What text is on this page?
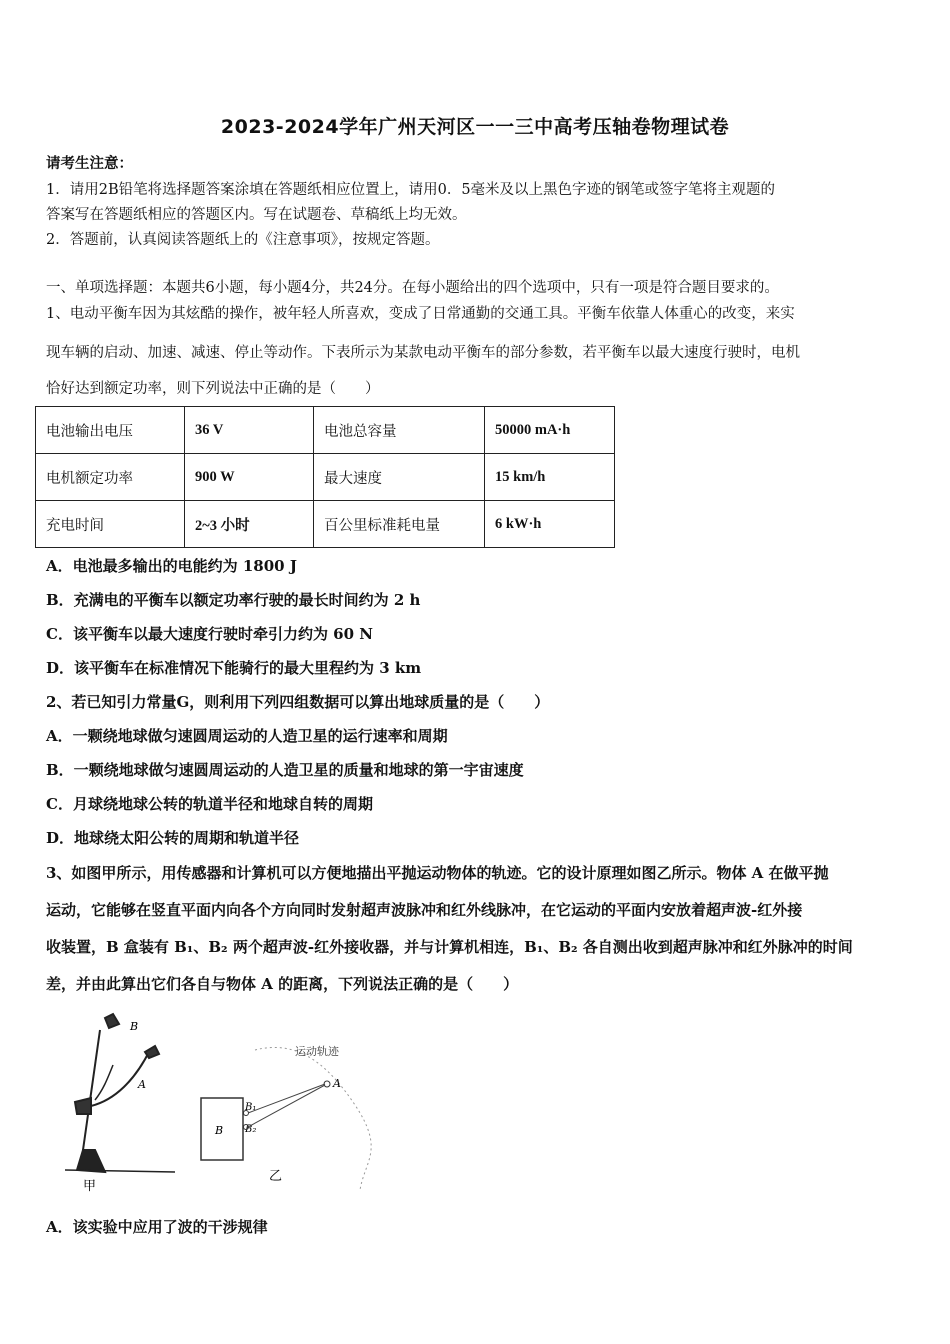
2023-2024学年广州天河区一一三中高考压轴卷物理试卷
请考生注意：
1．请用2B铅笔将选择题答案涂填在答题纸相应位置上，请用0．5毫米及以上黑色字迹的钢笔或签字笔将主观题的
答案写在答题纸相应的答题区内。写在试题卷、草稿纸上均无效。
2．答题前，认真阅读答题纸上的《注意事项》，按规定答题。
一、单项选择题：本题共6小题，每小题4分，共24分。在每小题给出的四个选项中，只有一项是符合题目要求的。
1、电动平衡车因为其炫酷的操作，被年轻人所喜欢，变成了日常通勤的交通工具。平衡车依靠人体重心的改变，来实
现车辆的启动、加速、减速、停止等动作。下表所示为某款电动平衡车的部分参数，若平衡车以最大速度行驶时，电机
恰好达到额定功率，则下列说法中正确的是（　　）
电池输出电压	36 V	电池总容量	50000 mA·h
电机额定功率	900 W	最大速度	15 km/h
充电时间	2~3 小时	百公里标准耗电量	6 kW·h
A．电池最多输出的电能约为 1800 J
B．充满电的平衡车以额定功率行驶的最长时间约为 2 h
C．该平衡车以最大速度行驶时牵引力约为 60 N
D．该平衡车在标准情况下能骑行的最大里程约为 3 km
2、若已知引力常量G，则利用下列四组数据可以算出地球质量的是（　　）
A．一颗绕地球做匀速圆周运动的人造卫星的运行速率和周期
B．一颗绕地球做匀速圆周运动的人造卫星的质量和地球的第一宇宙速度
C．月球绕地球公转的轨道半径和地球自转的周期
D．地球绕太阳公转的周期和轨道半径
3、如图甲所示，用传感器和计算机可以方便地描出平抛运动物体的轨迹。它的设计原理如图乙所示。物体 A 在做平抛
运动，它能够在竖直平面内向各个方向同时发射超声波脉冲和红外线脉冲，在它运动的平面内安放着超声波-红外接
收装置，B 盒装有 B₁、B₂ 两个超声波-红外接收器，并与计算机相连，B₁、B₂ 各自测出收到超声脉冲和红外脉冲的时间
差，并由此算出它们各自与物体 A 的距离，下列说法正确的是（　　）
B
A
甲
B
B₁
B₂
A
运动轨迹
乙
A．该实验中应用了波的干涉规律
